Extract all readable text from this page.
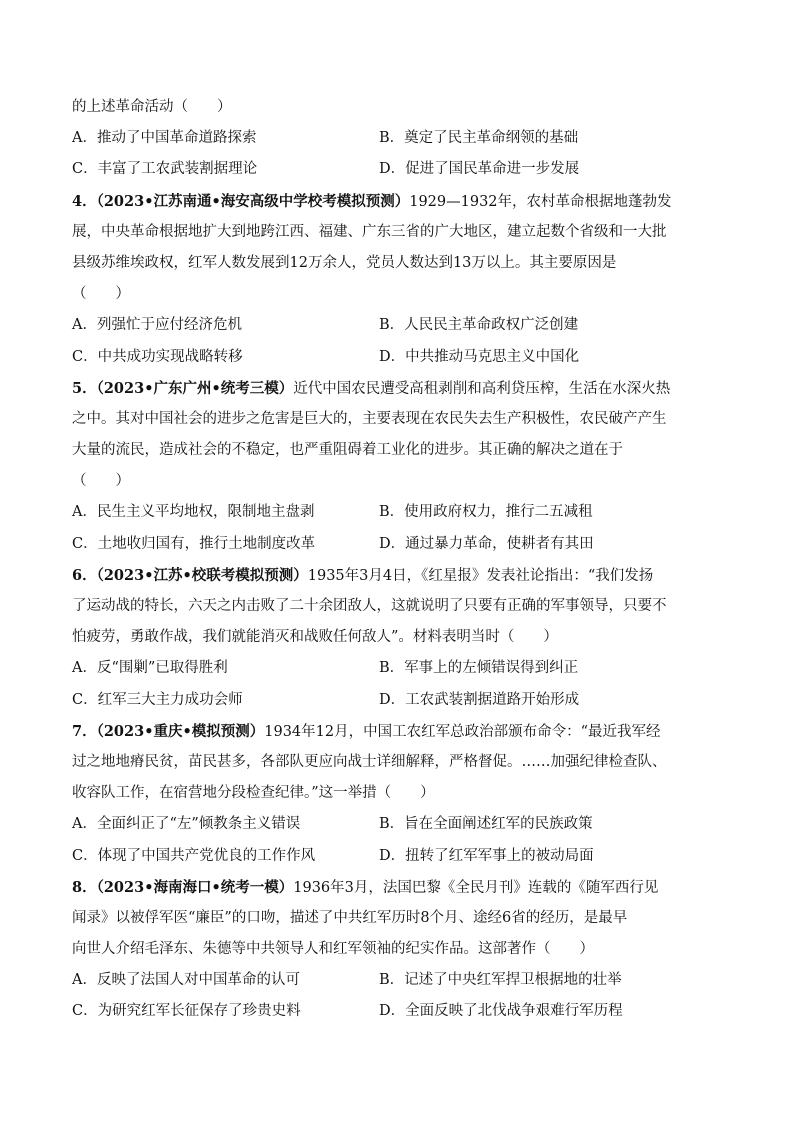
的上述革命活动（　　）
A．推动了中国革命道路探索	B．奠定了民主革命纲领的基础
C．丰富了工农武装割据理论	D．促进了国民革命进一步发展
4．（2023•江苏南通•海安高级中学校考模拟预测）1929—1932年，农村革命根据地蓬勃发
展，中央革命根据地扩大到地跨江西、福建、广东三省的广大地区，建立起数个省级和一大批
县级苏维埃政权，红军人数发展到12万余人，党员人数达到13万以上。其主要原因是
（　　）
A．列强忙于应付经济危机	B．人民民主革命政权广泛创建
C．中共成功实现战略转移	D．中共推动马克思主义中国化
5．（2023•广东广州•统考三模）近代中国农民遭受高租剥削和高利贷压榨，生活在水深火热
之中。其对中国社会的进步之危害是巨大的，主要表现在农民失去生产积极性，农民破产产生
大量的流民，造成社会的不稳定，也严重阻碍着工业化的进步。其正确的解决之道在于
（　　）
A．民生主义平均地权，限制地主盘剥	B．使用政府权力，推行二五减租
C．土地收归国有，推行土地制度改革	D．通过暴力革命，使耕者有其田
6．（2023•江苏•校联考模拟预测）1935年3月4日，《红星报》发表社论指出：“我们发扬
了运动战的特长，六天之内击败了二十余团敌人，这就说明了只要有正确的军事领导，只要不
怕疲劳，勇敢作战，我们就能消灭和战败任何敌人”。材料表明当时（　　）
A．反“围剿”已取得胜利	B．军事上的左倾错误得到纠正
C．红军三大主力成功会师	D．工农武装割据道路开始形成
7．（2023•重庆•模拟预测）1934年12月，中国工农红军总政治部颁布命令：“最近我军经
过之地地瘠民贫，苗民甚多，各部队更应向战士详细解释，严格督促。……加强纪律检查队、
收容队工作，在宿营地分段检查纪律。”这一举措（　　）
A．全面纠正了“左”倾教条主义错误	B．旨在全面阐述红军的民族政策
C．体现了中国共产党优良的工作作风	D．扭转了红军军事上的被动局面
8．（2023•海南海口•统考一模）1936年3月，法国巴黎《全民月刊》连载的《随军西行见
闻录》以被俘军医“廉臣”的口吻，描述了中共红军历时8个月、途经6省的经历，是最早
向世人介绍毛泽东、朱德等中共领导人和红军领袖的纪实作品。这部著作（　　）
A．反映了法国人对中国革命的认可	B．记述了中央红军捍卫根据地的壮举
C．为研究红军长征保存了珍贵史料	D．全面反映了北伐战争艰难行军历程
